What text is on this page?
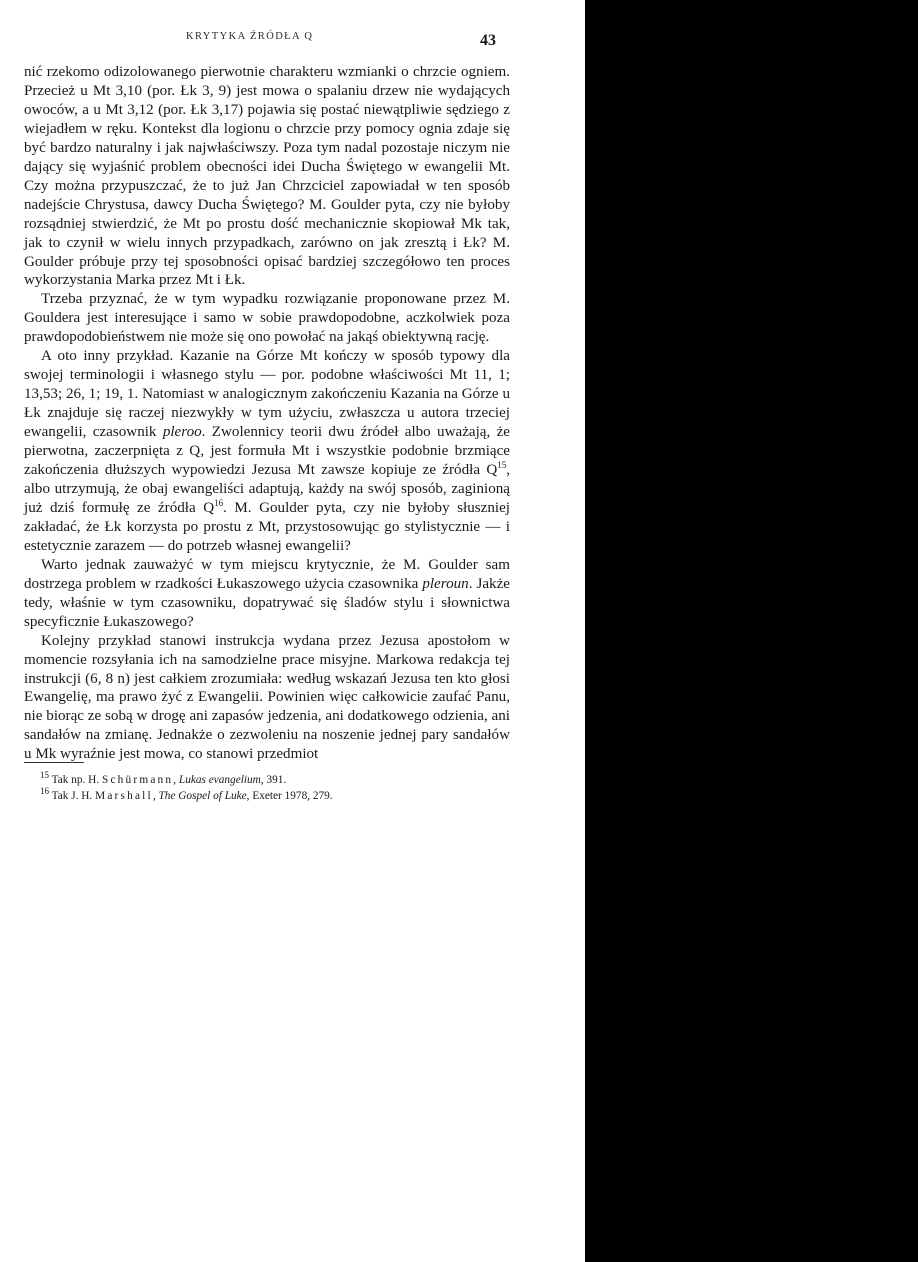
KRYTYKA ŹRÓDŁA Q	43

nić rzekomo odizolowanego pierwotnie charakteru wzmianki o chrzcie ogniem. Przecież u Mt 3,10 (por. Łk 3, 9) jest mowa o spalaniu drzew nie wydających owoców, a u Mt 3,12 (por. Łk 3,17) pojawia się postać niewątpliwie sędziego z wiejadłem w ręku. Kontekst dla logionu o chrzcie przy pomocy ognia zdaje się być bardzo naturalny i jak najwłaściwszy. Poza tym nadal pozostaje niczym nie dający się wyjaśnić problem obecności idei Ducha Świętego w ewangelii Mt. Czy można przypuszczać, że to już Jan Chrzciciel zapowiadał w ten sposób nadejście Chrystusa, dawcy Ducha Świętego? M. Goulder pyta, czy nie byłoby rozsądniej stwierdzić, że Mt po prostu dość mechanicznie skopiował Mk tak, jak to czynił w wielu innych przypadkach, zarówno on jak zresztą i Łk? M. Goulder próbuje przy tej sposobności opisać bardziej szczegółowo ten proces wykorzystania Marka przez Mt i Łk.

Trzeba przyznać, że w tym wypadku rozwiązanie proponowane przez M. Gouldera jest interesujące i samo w sobie prawdopodobne, aczkolwiek poza prawdopodobieństwem nie może się ono powołać na jakąś obiektywną rację.

A oto inny przykład. Kazanie na Górze Mt kończy w sposób typowy dla swojej terminologii i własnego stylu — por. podobne właściwości Mt 11, 1; 13,53; 26, 1; 19, 1. Natomiast w analogicznym zakończeniu Kazania na Górze u Łk znajduje się raczej niezwykły w tym użyciu, zwłaszcza u autora trzeciej ewangelii, czasownik pleroo. Zwolennicy teorii dwu źródeł albo uważają, że pierwotna, zaczerpnięta z Q, jest formuła Mt i wszystkie podobnie brzmiące zakończenia dłuższych wypowiedzi Jezusa Mt zawsze kopiuje ze źródła $Q^{15}$, albo utrzymują, że obaj ewangeliści adaptują, każdy na swój sposób, zaginioną już dziś formułę ze źródła $Q^{16}$. M. Goulder pyta, czy nie byłoby słuszniej zakładać, że Łk korzysta po prostu z Mt, przystosowując go stylistycznie — i estetycznie zarazem — do potrzeb własnej ewangelii?

Warto jednak zauważyć w tym miejscu krytycznie, że M. Goulder sam dostrzega problem w rzadkości Łukaszowego użycia czasownika pleroun. Jakże tedy, właśnie w tym czasowniku, dopatrywać się śladów stylu i słownictwa specyficznie Łukaszowego?

Kolejny przykład stanowi instrukcja wydana przez Jezusa apostołom w momencie rozsyłania ich na samodzielne prace misyjne. Markowa redakcja tej instrukcji (6, 8 n) jest całkiem zrozumiała: według wskazań Jezusa ten kto głosi Ewangelię, ma prawo żyć z Ewangelii. Powinien więc całkowicie zaufać Panu, nie biorąc ze sobą w drogę ani zapasów jedzenia, ani dodatkowego odzienia, ani sandałów na zmianę. Jednakże o zezwoleniu na noszenie jednej pary sandałów u Mk wyraźnie jest mowa, co stanowi przedmiot

$^{15}$ Tak np. H. Schürmann, Lukas evangelium, 391.

$^{16}$ Tak J. H. Marshall, The Gospel of Luke, Exeter 1978, 279.
